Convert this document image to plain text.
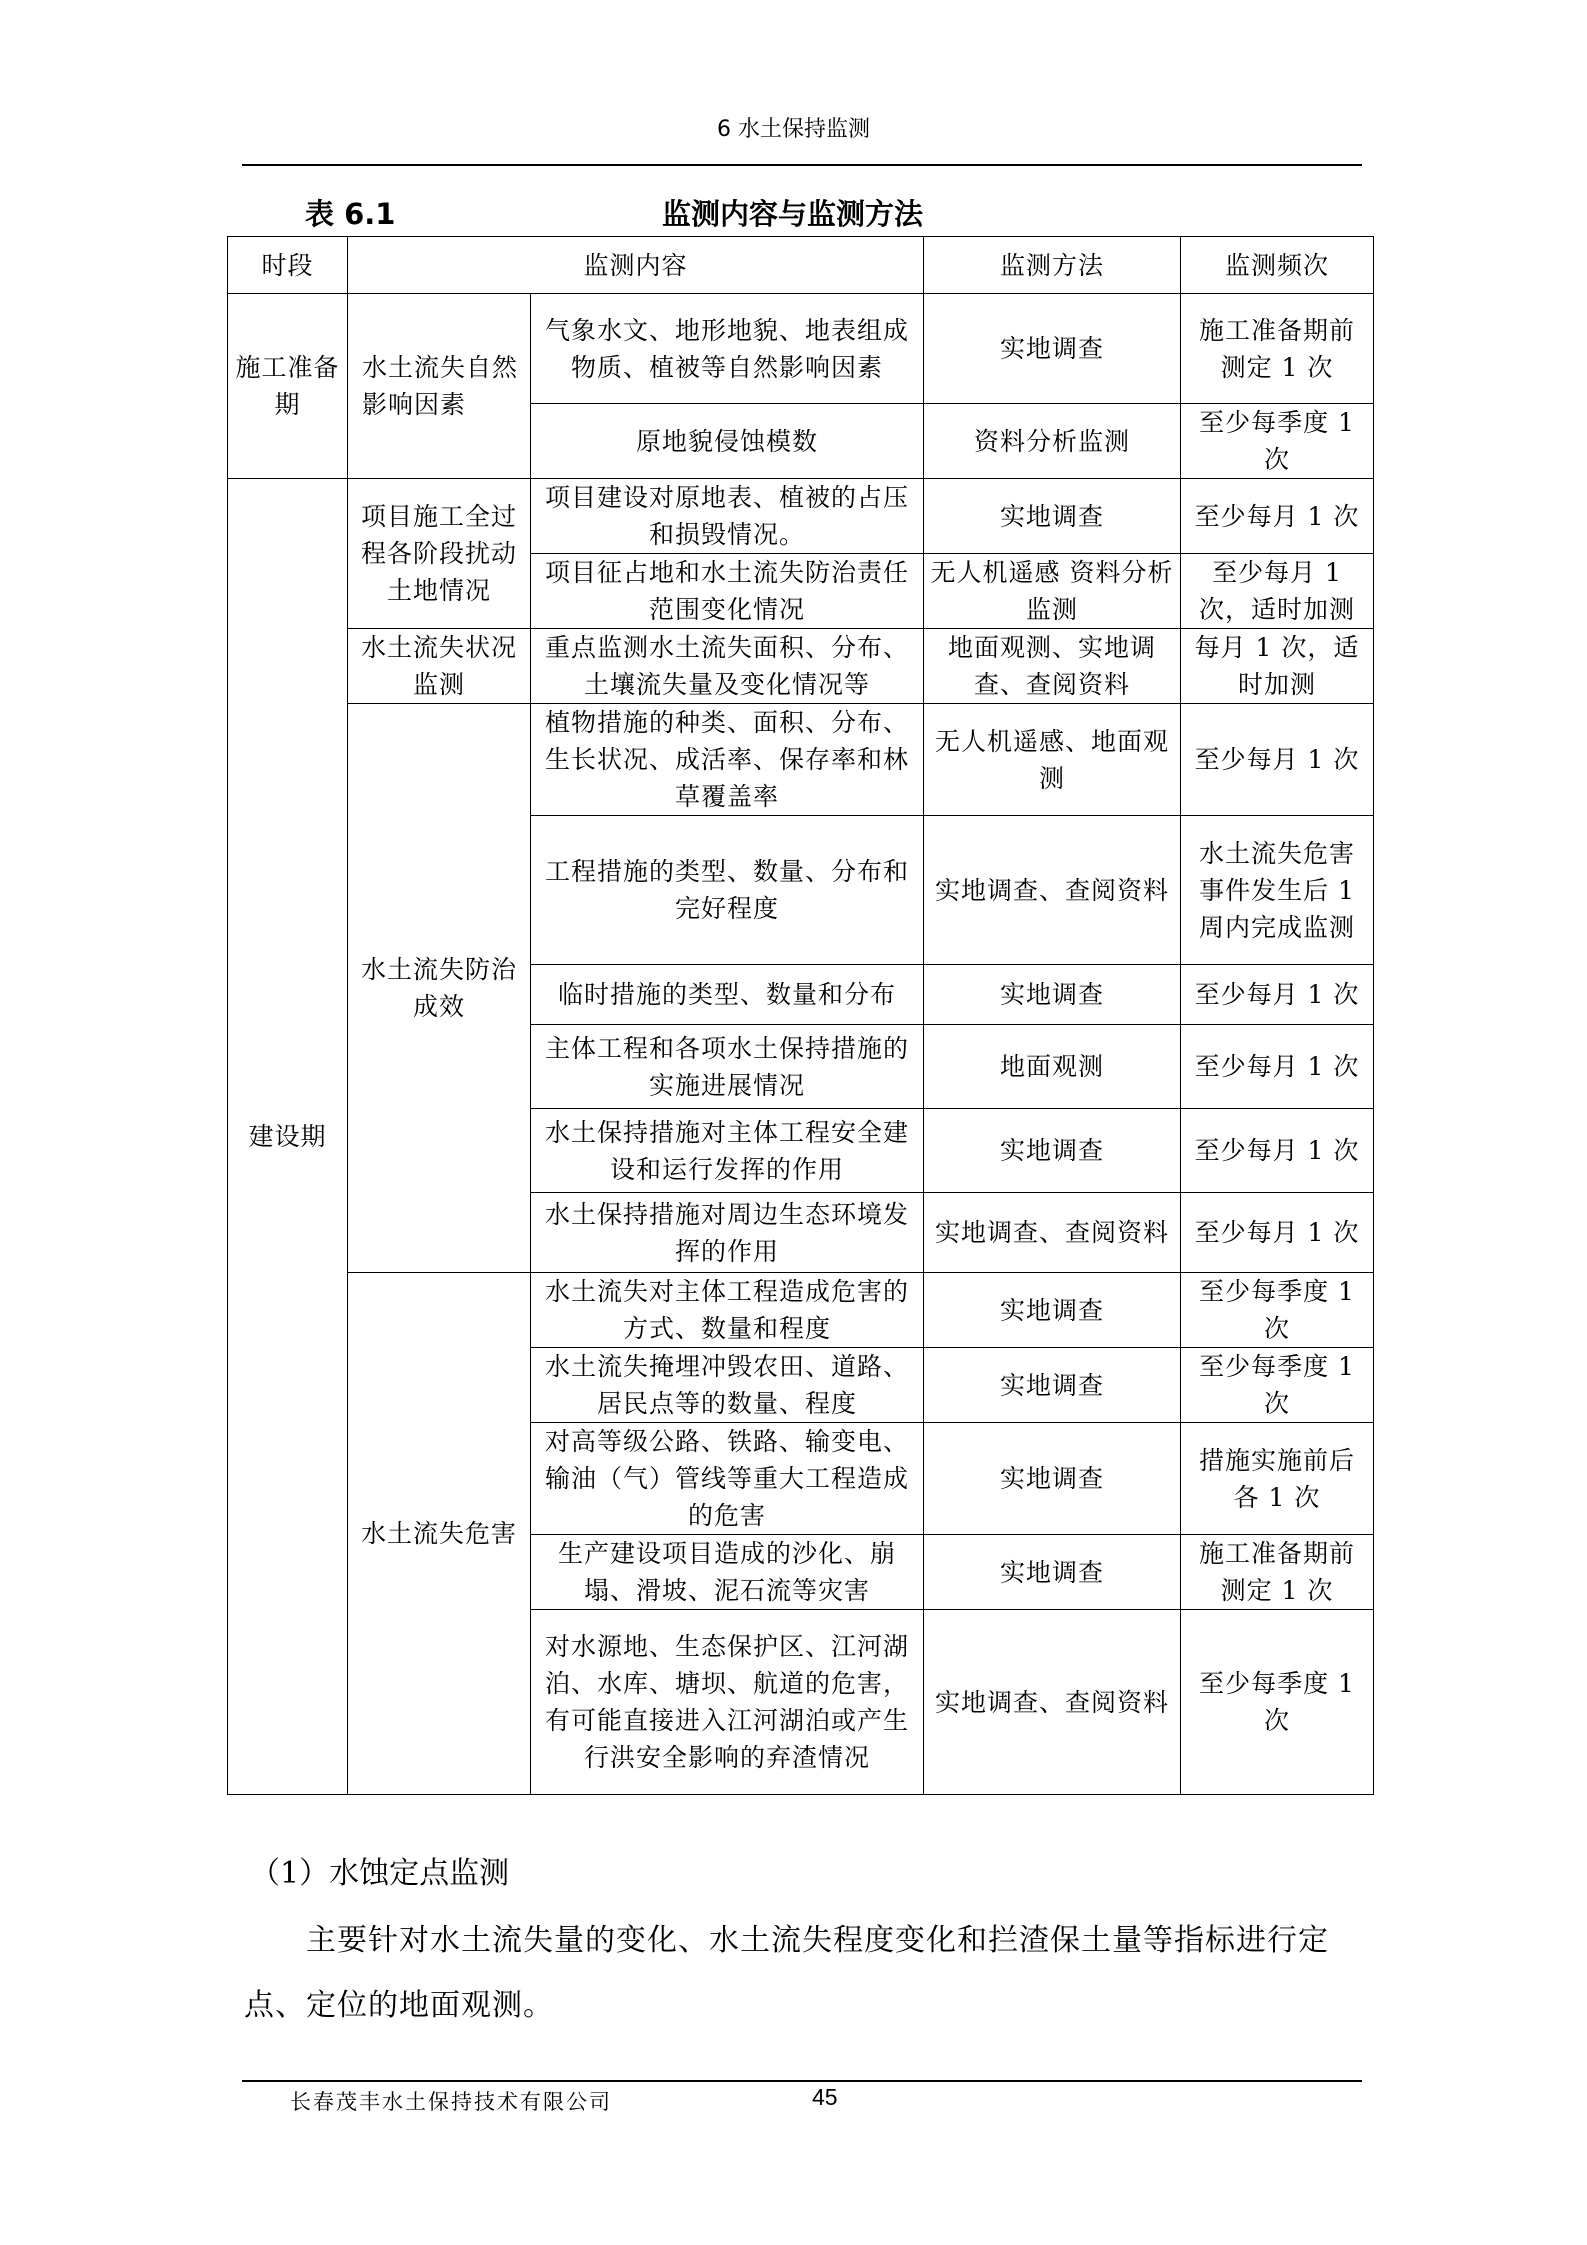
6 水土保持监测
表 6.1	监测内容与监测方法
时段	监测内容		监测方法	监测频次
施工准备期	水土流失自然影响因素	气象水文、地形地貌、地表组成物质、植被等自然影响因素	实地调查	施工准备期前测定 1 次
		原地貌侵蚀模数	资料分析监测	至少每季度 1 次
建设期	项目施工全过程各阶段扰动土地情况	项目建设对原地表、植被的占压和损毁情况。	实地调查	至少每月 1 次
		项目征占地和水土流失防治责任范围变化情况	无人机遥感 资料分析监测	至少每月 1 次，适时加测
	水土流失状况监测	重点监测水土流失面积、分布、土壤流失量及变化情况等	地面观测、实地调查、查阅资料	每月 1 次，适时加测
	水土流失防治成效	植物措施的种类、面积、分布、生长状况、成活率、保存率和林草覆盖率	无人机遥感、地面观测	至少每月 1 次
		工程措施的类型、数量、分布和完好程度	实地调查、查阅资料	水土流失危害事件发生后 1 周内完成监测
		临时措施的类型、数量和分布	实地调查	至少每月 1 次
		主体工程和各项水土保持措施的实施进展情况	地面观测	至少每月 1 次
		水土保持措施对主体工程安全建设和运行发挥的作用	实地调查	至少每月 1 次
		水土保持措施对周边生态环境发挥的作用	实地调查、查阅资料	至少每月 1 次
	水土流失危害	水土流失对主体工程造成危害的方式、数量和程度	实地调查	至少每季度 1 次
		水土流失掩埋冲毁农田、道路、居民点等的数量、程度	实地调查	至少每季度 1 次
		对高等级公路、铁路、输变电、输油（气）管线等重大工程造成的危害	实地调查	措施实施前后各 1 次
		生产建设项目造成的沙化、崩塌、滑坡、泥石流等灾害	实地调查	施工准备期前测定 1 次
		对水源地、生态保护区、江河湖泊、水库、塘坝、航道的危害，有可能直接进入江河湖泊或产生行洪安全影响的弃渣情况	实地调查、查阅资料	至少每季度 1 次
（1）水蚀定点监测
主要针对水土流失量的变化、水土流失程度变化和拦渣保土量等指标进行定
点、定位的地面观测。
长春茂丰水土保持技术有限公司	45
